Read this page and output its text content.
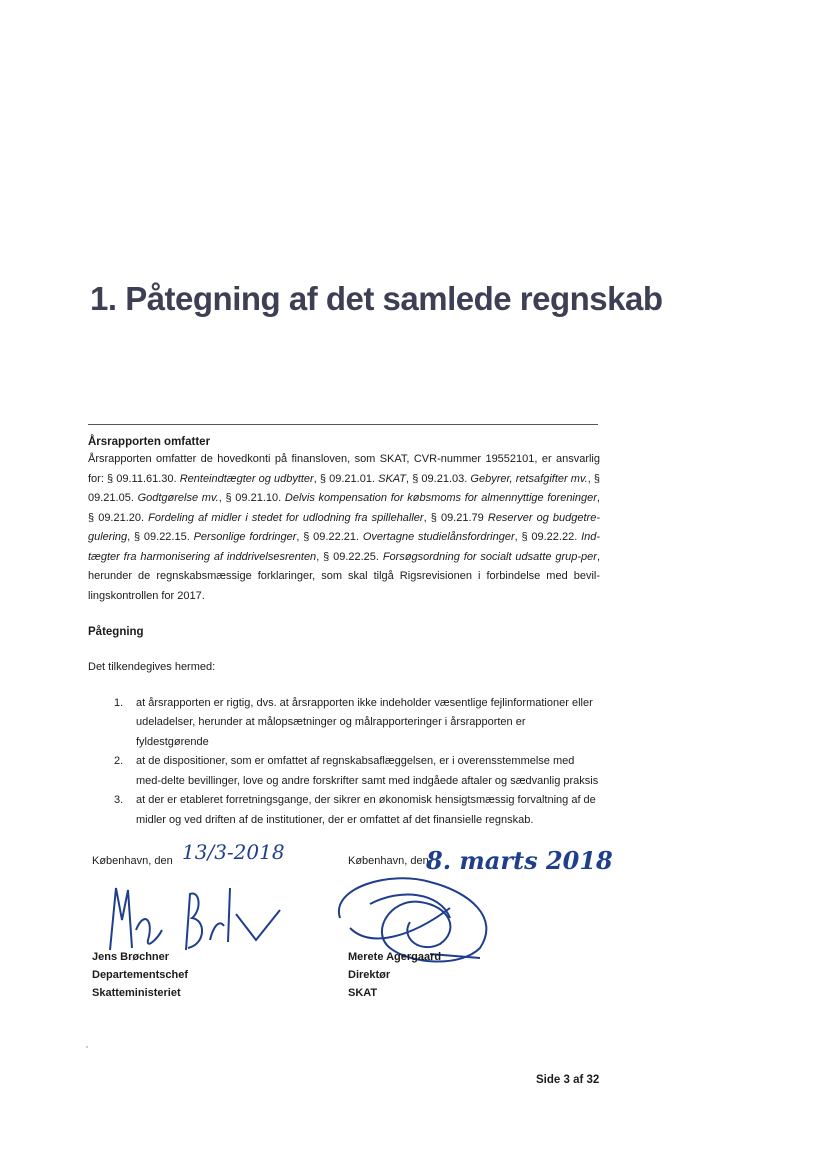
1. Påtegning af det samlede regnskab

Årsrapporten omfatter

Årsrapporten omfatter de hovedkonti på finansloven, som SKAT, CVR-nummer 19552101, er ansvarlig for: § 09.11.61.30. Renteindtægter og udbytter, § 09.21.01. SKAT, § 09.21.03. Gebyrer, retsafgifter mv., § 09.21.05. Godtgørelse mv., § 09.21.10. Delvis kompensation for købsmoms for almennyttige foreninger, § 09.21.20. Fordeling af midler i stedet for udlodning fra spillehaller, § 09.21.79 Reserver og budgetre-gulering, § 09.22.15. Personlige fordringer, § 09.22.21. Overtagne studielånsfordringer, § 09.22.22. Ind-tægter fra harmonisering af inddrivelsesrenten, § 09.22.25. Forsøgsordning for socialt udsatte grup-per, herunder de regnskabsmæssige forklaringer, som skal tilgå Rigsrevisionen i forbindelse med bevil-lingskontrollen for 2017.

Påtegning

Det tilkendegives hermed:

1. at årsrapporten er rigtig, dvs. at årsrapporten ikke indeholder væsentlige fejlinformationer eller udeladelser, herunder at målopsætninger og målrapporteringer i årsrapporten er fyldestgørende
2. at de dispositioner, som er omfattet af regnskabsaflæggelsen, er i overensstemmelse med med-delte bevillinger, love og andre forskrifter samt med indgåede aftaler og sædvanlig praksis
3. at der er etableret forretningsgange, der sikrer en økonomisk hensigtsmæssig forvaltning af de midler og ved driften af de institutioner, der er omfattet af det finansielle regnskab.
København, den 13/3-2018
Jens Brøchner
Departementschef
Skatteministeriet
København, den
8. marts 2018
Merete Agergaard
Direktør
SKAT
Side 3 af 32
